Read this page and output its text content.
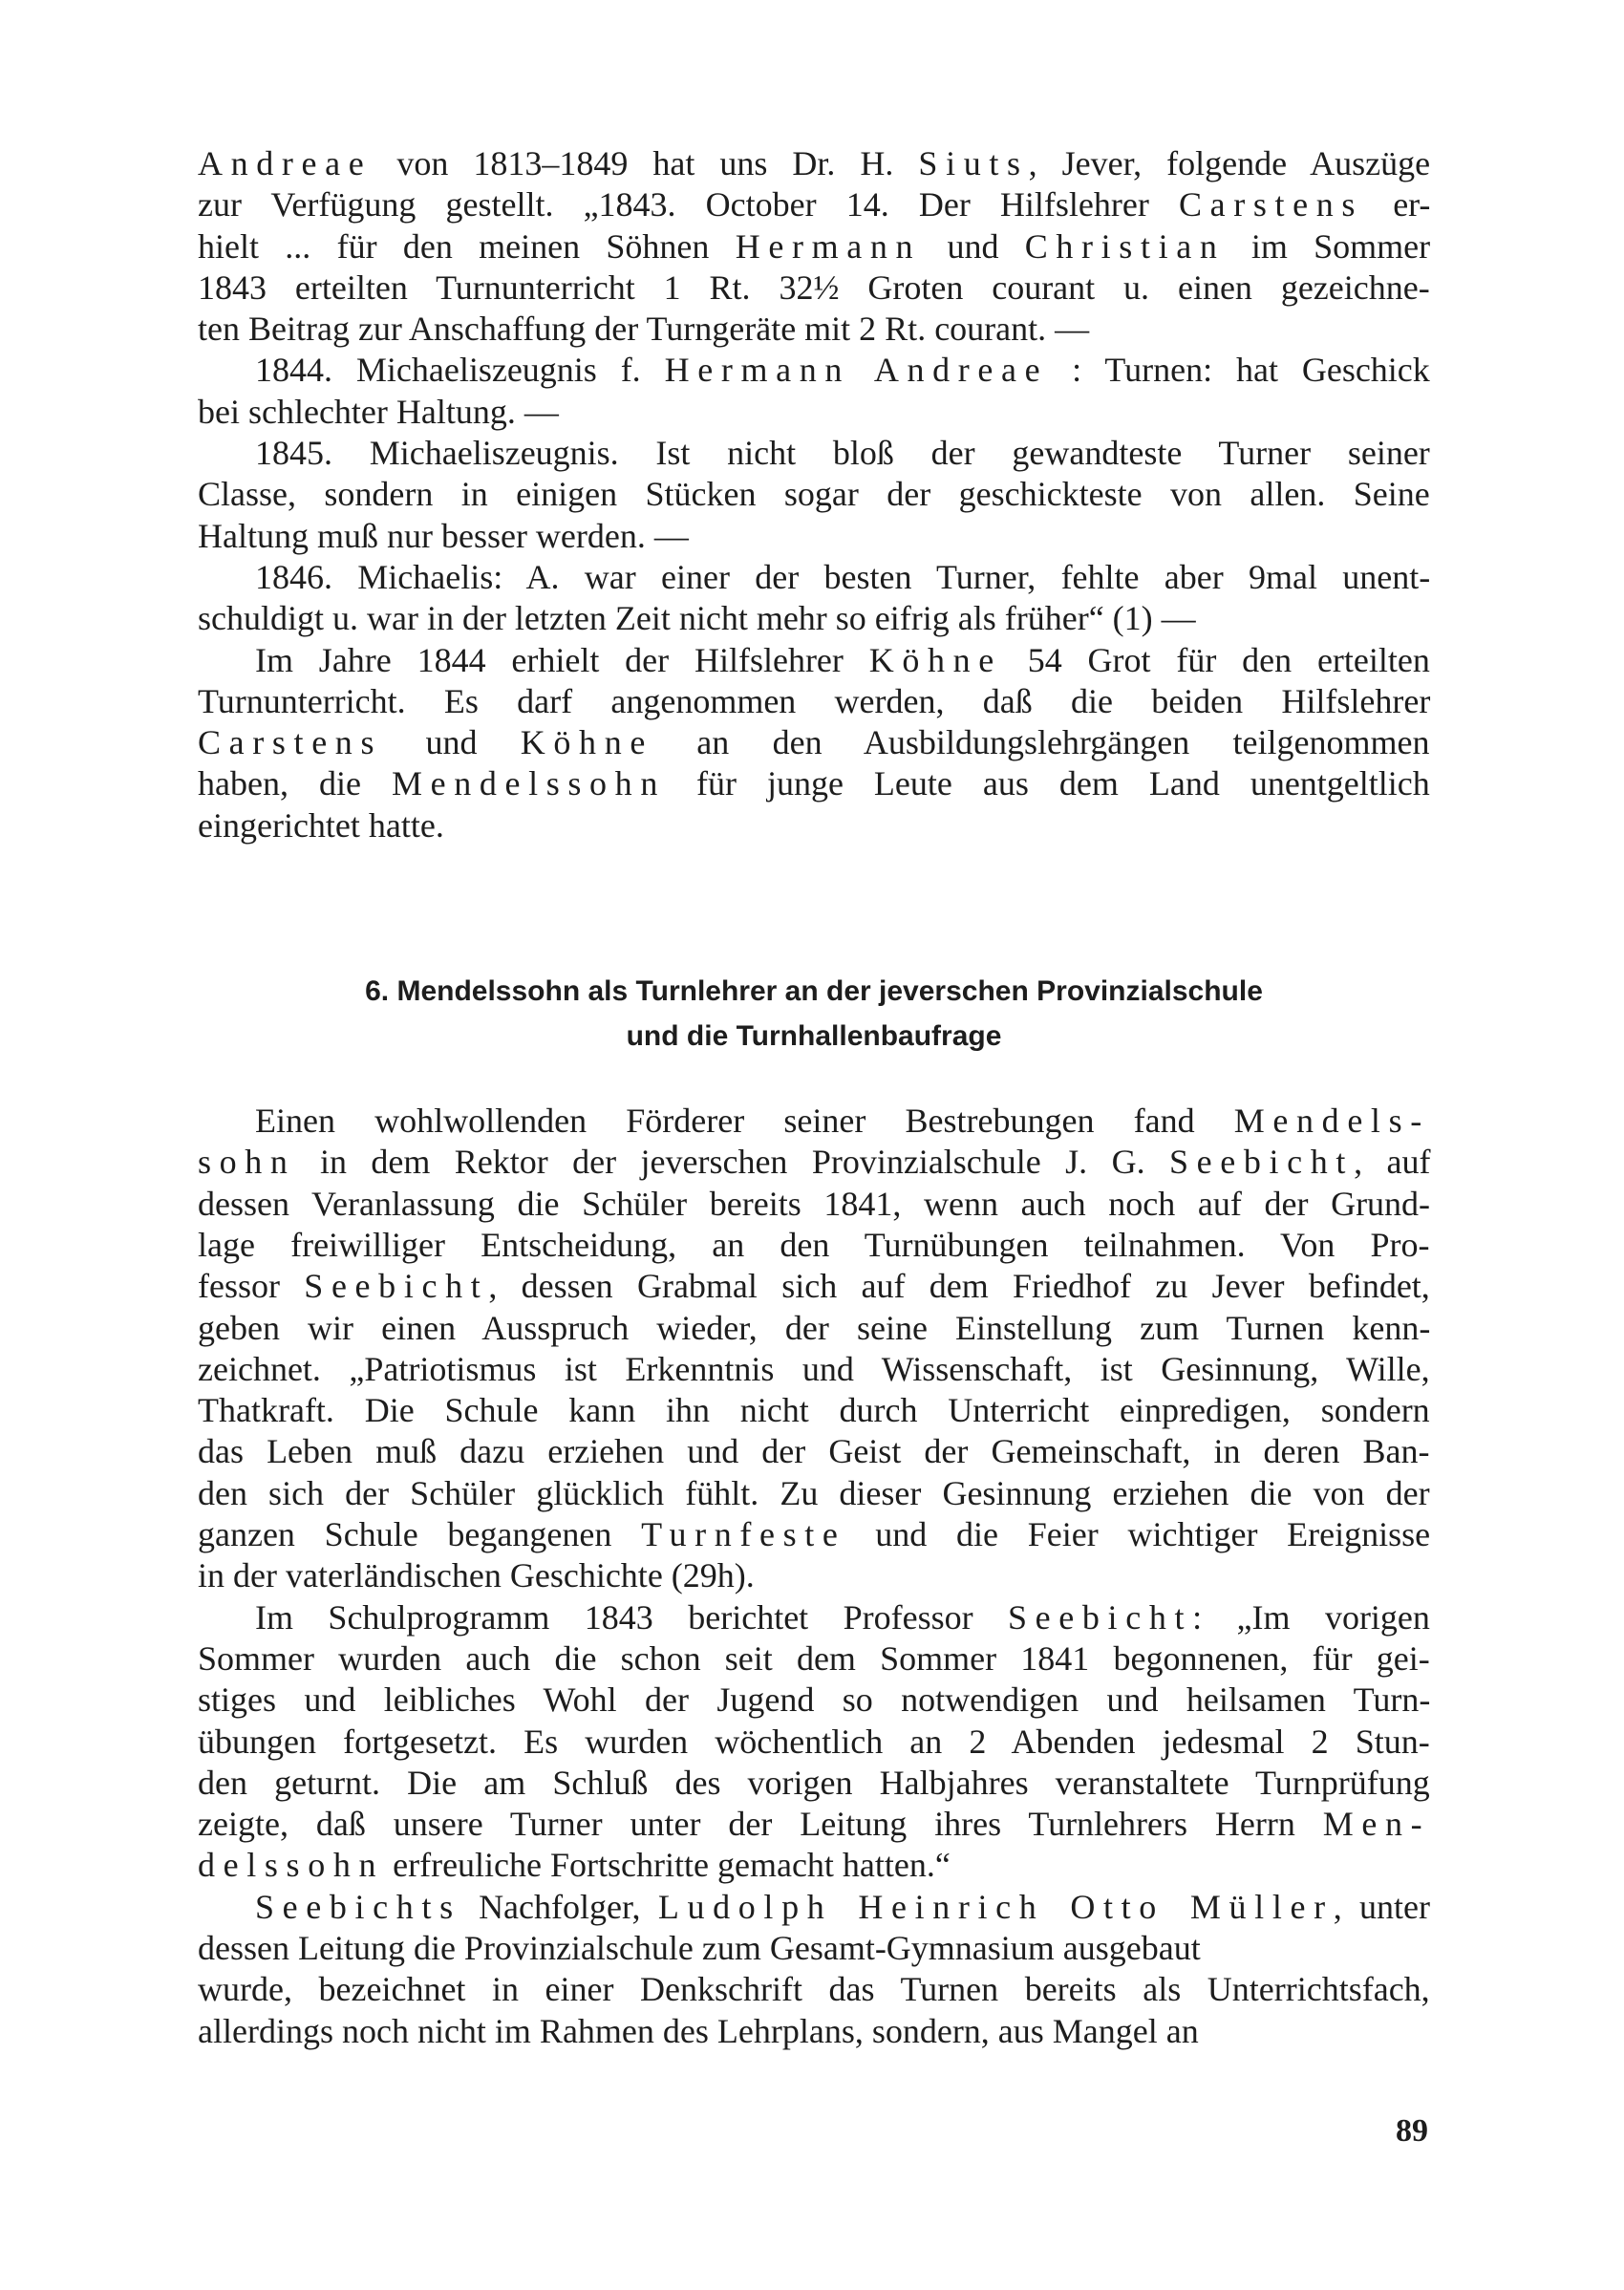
Andreae von 1813–1849 hat uns Dr. H. Siuts, Jever, folgende Auszüge
zur Verfügung gestellt. „1843. October 14. Der Hilfslehrer Carstens er-
hielt ... für den meinen Söhnen Hermann und Christian im Sommer
1843 erteilten Turnunterricht 1 Rt. 32½ Groten courant u. einen gezeichne-
ten Beitrag zur Anschaffung der Turngeräte mit 2 Rt. courant. —
1844. Michaeliszeugnis f. Hermann Andreae : Turnen: hat Geschick
bei schlechter Haltung. —
1845. Michaeliszeugnis. Ist nicht bloß der gewandteste Turner seiner
Classe, sondern in einigen Stücken sogar der geschickteste von allen. Seine
Haltung muß nur besser werden. —
1846. Michaelis: A. war einer der besten Turner, fehlte aber 9mal unent-
schuldigt u. war in der letzten Zeit nicht mehr so eifrig als früher“ (1) —
Im Jahre 1844 erhielt der Hilfslehrer Köhne 54 Grot für den erteilten
Turnunterricht. Es darf angenommen werden, daß die beiden Hilfslehrer
Carstens und Köhne an den Ausbildungslehrgängen teilgenommen
haben, die Mendelssohn für junge Leute aus dem Land unentgeltlich
eingerichtet hatte.
6. Mendelssohn als Turnlehrer an der jeverschen Provinzialschule
und die Turnhallenbaufrage
Einen wohlwollenden Förderer seiner Bestrebungen fand Mendels-
sohn in dem Rektor der jeverschen Provinzialschule J. G. Seebicht, auf
dessen Veranlassung die Schüler bereits 1841, wenn auch noch auf der Grund-
lage freiwilliger Entscheidung, an den Turnübungen teilnahmen. Von Pro-
fessor Seebicht, dessen Grabmal sich auf dem Friedhof zu Jever befindet,
geben wir einen Ausspruch wieder, der seine Einstellung zum Turnen kenn-
zeichnet. „Patriotismus ist Erkenntnis und Wissenschaft, ist Gesinnung, Wille,
Thatkraft. Die Schule kann ihn nicht durch Unterricht einpredigen, sondern
das Leben muß dazu erziehen und der Geist der Gemeinschaft, in deren Ban-
den sich der Schüler glücklich fühlt. Zu dieser Gesinnung erziehen die von der
ganzen Schule begangenen Turnfeste und die Feier wichtiger Ereignisse
in der vaterländischen Geschichte (29h).
Im Schulprogramm 1843 berichtet Professor Seebicht: „Im vorigen
Sommer wurden auch die schon seit dem Sommer 1841 begonnenen, für gei-
stiges und leibliches Wohl der Jugend so notwendigen und heilsamen Turn-
übungen fortgesetzt. Es wurden wöchentlich an 2 Abenden jedesmal 2 Stun-
den geturnt. Die am Schluß des vorigen Halbjahres veranstaltete Turnprüfung
zeigte, daß unsere Turner unter der Leitung ihres Turnlehrers Herrn Men-
delssohn erfreuliche Fortschritte gemacht hatten.“
Seebichts Nachfolger, Ludolph Heinrich Otto Müller, unter
dessen Leitung die Provinzialschule zum Gesamt-Gymnasium ausgebaut
wurde, bezeichnet in einer Denkschrift das Turnen bereits als Unterrichtsfach,
allerdings noch nicht im Rahmen des Lehrplans, sondern, aus Mangel an
89
